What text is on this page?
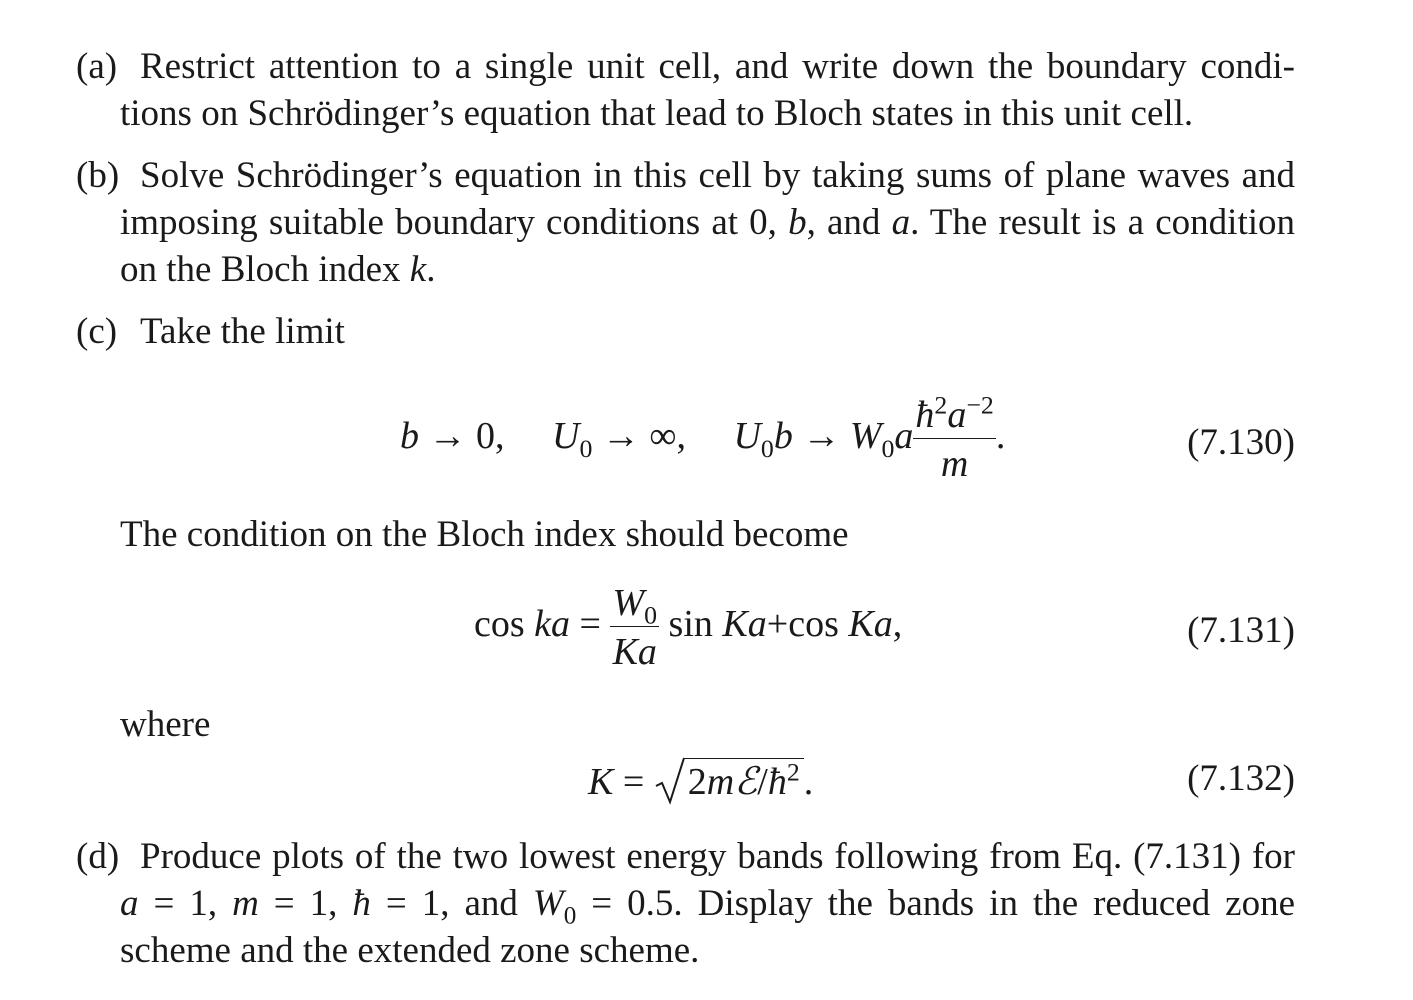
(a) Restrict attention to a single unit cell, and write down the boundary condi-
tions on Schrödinger’s equation that lead to Bloch states in this unit cell.
(b) Solve Schrödinger’s equation in this cell by taking sums of plane waves and
imposing suitable boundary conditions at 0, b, and a. The result is a condition
on the Bloch index k.
(c) Take the limit
b → 0, $U_0$ → ∞, $U_0b \to W_0a \frac{ħ^2a^{-2}}{m}$ .	(7.130)
The condition on the Bloch index should become
cos ka = $\frac{W_0}{Ka}$ sin Ka+cos Ka,	(7.131)
where
$K = 2mℰ/ħ^2$ .	(7.132)
(d) Produce plots of the two lowest energy bands following from Eq. (7.131) for
a = 1, m = 1, ħ = 1, and $W_0 = 0.5$. Display the bands in the reduced zone
scheme and the extended zone scheme.
